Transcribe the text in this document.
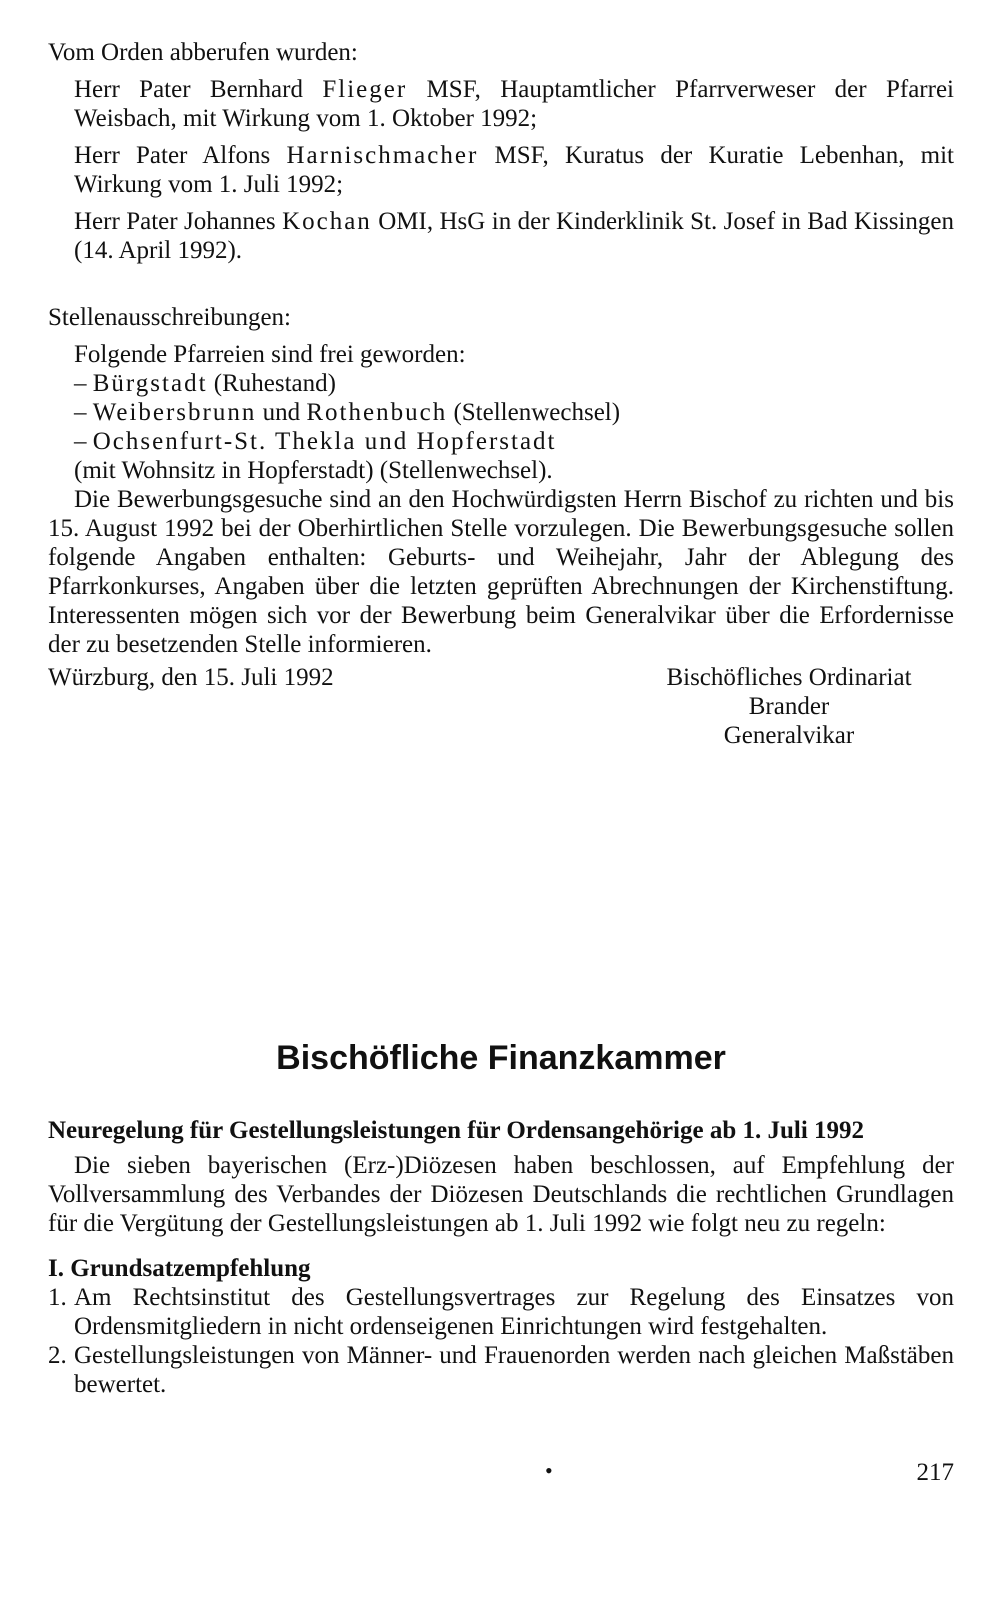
Vom Orden abberufen wurden:

Herr Pater Bernhard Flieger MSF, Hauptamtlicher Pfarrverweser der Pfarrei Weisbach, mit Wirkung vom 1. Oktober 1992;

Herr Pater Alfons Harnischmacher MSF, Kuratus der Kuratie Lebenhan, mit Wirkung vom 1. Juli 1992;

Herr Pater Johannes Kochan OMI, HsG in der Kinderklinik St. Josef in Bad Kissingen (14. April 1992).

Stellenausschreibungen:

Folgende Pfarreien sind frei geworden:
– Bürgstadt (Ruhestand)
– Weibersbrunn und Rothenbuch (Stellenwechsel)
– Ochsenfurt-St. Thekla und Hopferstadt
(mit Wohnsitz in Hopferstadt) (Stellenwechsel).

Die Bewerbungsgesuche sind an den Hochwürdigsten Herrn Bischof zu richten und bis 15. August 1992 bei der Oberhirtlichen Stelle vorzulegen. Die Bewerbungsgesuche sollen folgende Angaben enthalten: Geburts- und Weihejahr, Jahr der Ablegung des Pfarrkonkurses, Angaben über die letzten geprüften Abrechnungen der Kirchenstiftung. Interessenten mögen sich vor der Bewerbung beim Generalvikar über die Erfordernisse der zu besetzenden Stelle informieren.

Würzburg, den 15. Juli 1992	Bischöfliches Ordinariat
Brander
Generalvikar
Bischöfliche Finanzkammer

Neuregelung für Gestellungsleistungen für Ordensangehörige ab 1. Juli 1992

Die sieben bayerischen (Erz-)Diözesen haben beschlossen, auf Empfehlung der Vollversammlung des Verbandes der Diözesen Deutschlands die rechtlichen Grundlagen für die Vergütung der Gestellungsleistungen ab 1. Juli 1992 wie folgt neu zu regeln:

I. Grundsatzempfehlung
1. Am Rechtsinstitut des Gestellungsvertrages zur Regelung des Einsatzes von Ordensmitgliedern in nicht ordenseigenen Einrichtungen wird festgehalten.
2. Gestellungsleistungen von Männer- und Frauenorden werden nach gleichen Maßstäben bewertet.
•	217
